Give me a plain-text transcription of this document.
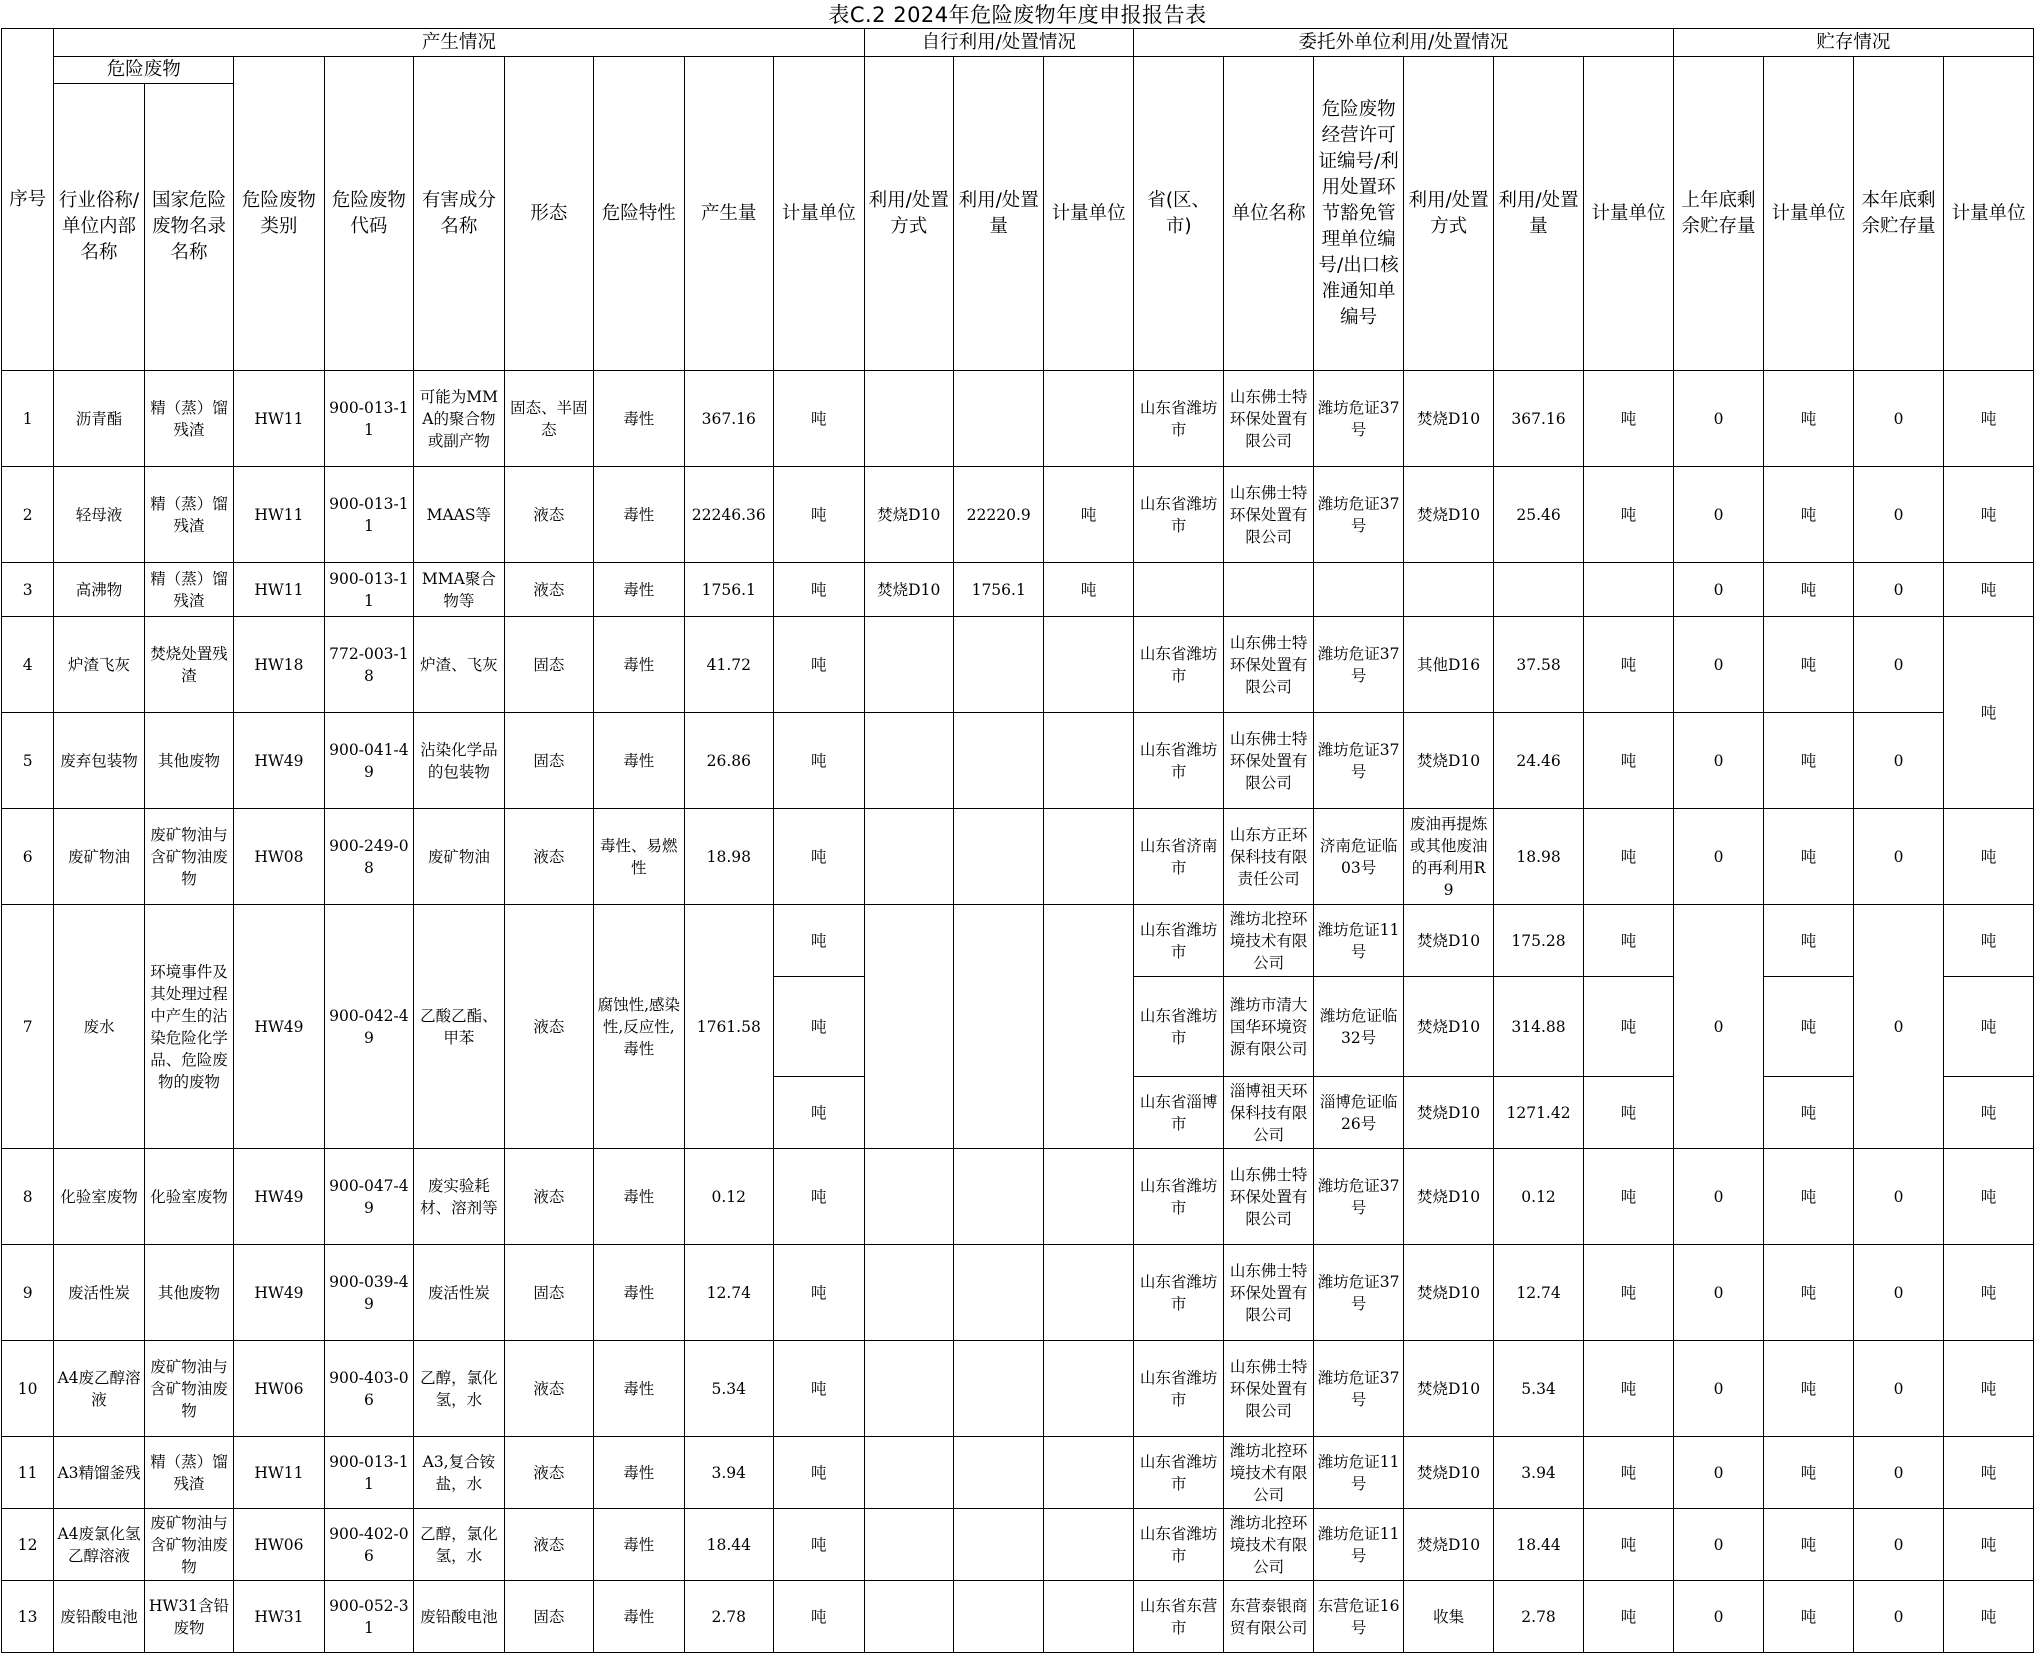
表C.2 2024年危险废物年度申报报告表
序号	产生情况									自行利用/处置情况			委托外单位利用/处置情况						贮存情况			
	危险废物		危险废物类别	危险废物代码	有害成分名称	形态	危险特性	产生量	计量单位	利用/处置方式	利用/处置量	计量单位	省(区、市)	单位名称	危险废物经营许可证编号/利用处置环节豁免管理单位编号/出口核准通知单编号	利用/处置方式	利用/处置量	计量单位	上年底剩余贮存量	计量单位	本年底剩余贮存量	计量单位
	行业俗称/单位内部名称	国家危险废物名录名称																				
1	沥青酯	精（蒸）馏残渣	HW11	900-013-11	可能为MMA的聚合物或副产物	固态、半固态	毒性	367.16	吨				山东省潍坊市	山东佛士特环保处置有限公司	潍坊危证37号	焚烧D10	367.16	吨	0	吨	0	吨
2	轻母液	精（蒸）馏残渣	HW11	900-013-11	MAAS等	液态	毒性	22246.36	吨	焚烧D10	22220.9	吨	山东省潍坊市	山东佛士特环保处置有限公司	潍坊危证37号	焚烧D10	25.46	吨	0	吨	0	吨
3	高沸物	精（蒸）馏残渣	HW11	900-013-11	MMA聚合物等	液态	毒性	1756.1	吨	焚烧D10	1756.1	吨							0	吨	0	吨
4	炉渣飞灰	焚烧处置残渣	HW18	772-003-18	炉渣、飞灰	固态	毒性	41.72	吨				山东省潍坊市	山东佛士特环保处置有限公司	潍坊危证37号	其他D16	37.58	吨	0	吨	0	吨
5	废弃包装物	其他废物	HW49	900-041-49	沾染化学品的包装物	固态	毒性	26.86	吨				山东省潍坊市	山东佛士特环保处置有限公司	潍坊危证37号	焚烧D10	24.46	吨	0	吨	0	
6	废矿物油	废矿物油与含矿物油废物	HW08	900-249-08	废矿物油	液态	毒性、易燃性	18.98	吨				山东省济南市	山东方正环保科技有限责任公司	济南危证临03号	废油再提炼或其他废油的再利用R9	18.98	吨	0	吨	0	吨
7	废水	环境事件及其处理过程中产生的沾染危险化学品、危险废物的废物	HW49	900-042-49	乙酸乙酯、甲苯	液态	腐蚀性,感染性,反应性,毒性	1761.58	吨				山东省潍坊市	潍坊北控环境技术有限公司	潍坊危证11号	焚烧D10	175.28	吨	0	吨	0	吨
									吨				山东省潍坊市	潍坊市清大国华环境资源有限公司	潍坊危证临32号	焚烧D10	314.88	吨		吨		吨
									吨				山东省淄博市	淄博祖天环保科技有限公司	淄博危证临26号	焚烧D10	1271.42	吨		吨		吨
8	化验室废物	化验室废物	HW49	900-047-49	废实验耗材、溶剂等	液态	毒性	0.12	吨				山东省潍坊市	山东佛士特环保处置有限公司	潍坊危证37号	焚烧D10	0.12	吨	0	吨	0	吨
9	废活性炭	其他废物	HW49	900-039-49	废活性炭	固态	毒性	12.74	吨				山东省潍坊市	山东佛士特环保处置有限公司	潍坊危证37号	焚烧D10	12.74	吨	0	吨	0	吨
10	A4废乙醇溶液	废矿物油与含矿物油废物	HW06	900-403-06	乙醇，氯化氢，水	液态	毒性	5.34	吨				山东省潍坊市	山东佛士特环保处置有限公司	潍坊危证37号	焚烧D10	5.34	吨	0	吨	0	吨
11	A3精馏釜残	精（蒸）馏残渣	HW11	900-013-11	A3,复合铵盐，水	液态	毒性	3.94	吨				山东省潍坊市	潍坊北控环境技术有限公司	潍坊危证11号	焚烧D10	3.94	吨	0	吨	0	吨
12	A4废氯化氢乙醇溶液	废矿物油与含矿物油废物	HW06	900-402-06	乙醇，氯化氢，水	液态	毒性	18.44	吨				山东省潍坊市	潍坊北控环境技术有限公司	潍坊危证11号	焚烧D10	18.44	吨	0	吨	0	吨
13	废铅酸电池	HW31含铅废物	HW31	900-052-31	废铅酸电池	固态	毒性	2.78	吨				山东省东营市	东营泰银商贸有限公司	东营危证16号	收集	2.78	吨	0	吨	0	吨
